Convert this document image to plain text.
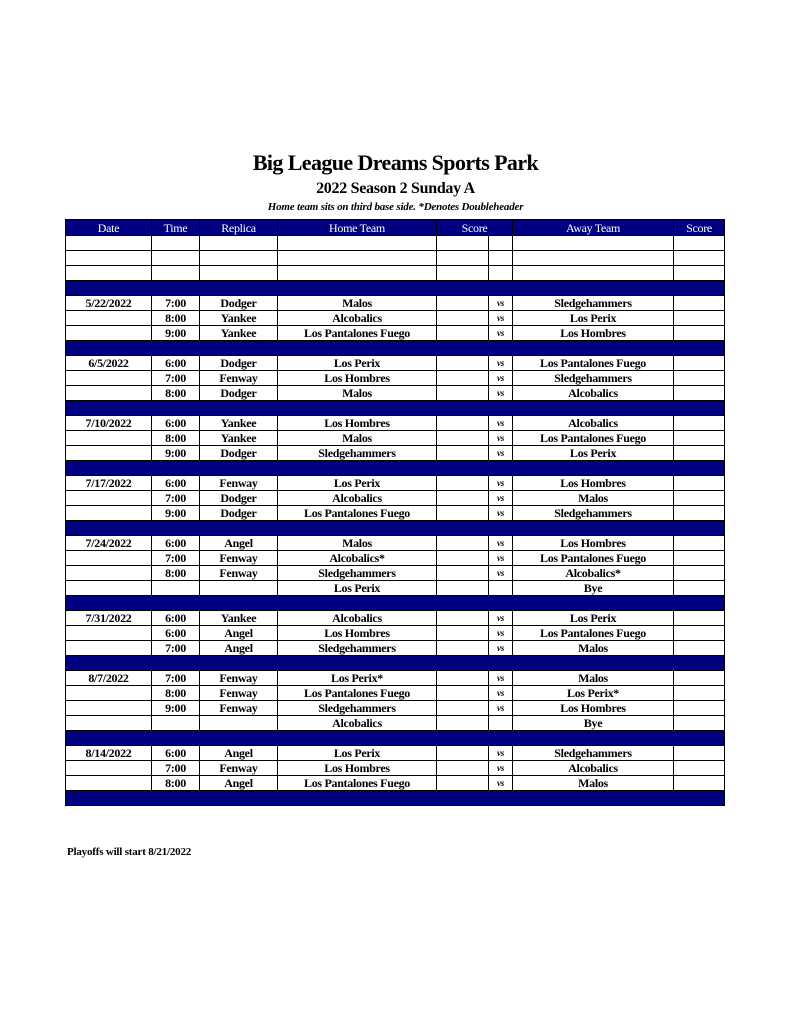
Big League Dreams Sports Park
2022 Season 2 Sunday A
Home team sits on third base side. *Denotes Doubleheader
Date	Time	Replica	Home Team	Score		Away Team	Score

5/22/2022	7:00	Dodger	Malos		vs	Sledgehammers	
	8:00	Yankee	Alcobalics		vs	Los Perix	
	9:00	Yankee	Los Pantalones Fuego		vs	Los Hombres	

6/5/2022	6:00	Dodger	Los Perix		vs	Los Pantalones Fuego	
	7:00	Fenway	Los Hombres		vs	Sledgehammers	
	8:00	Dodger	Malos		vs	Alcobalics	

7/10/2022	6:00	Yankee	Los Hombres		vs	Alcobalics	
	8:00	Yankee	Malos		vs	Los Pantalones Fuego	
	9:00	Dodger	Sledgehammers		vs	Los Perix	

7/17/2022	6:00	Fenway	Los Perix		vs	Los Hombres	
	7:00	Dodger	Alcobalics		vs	Malos	
	9:00	Dodger	Los Pantalones Fuego		vs	Sledgehammers	

7/24/2022	6:00	Angel	Malos		vs	Los Hombres	
	7:00	Fenway	Alcobalics*		vs	Los Pantalones Fuego	
	8:00	Fenway	Sledgehammers		vs	Alcobalics*	
			Los Perix			Bye	

7/31/2022	6:00	Yankee	Alcobalics		vs	Los Perix	
	6:00	Angel	Los Hombres		vs	Los Pantalones Fuego	
	7:00	Angel	Sledgehammers		vs	Malos	

8/7/2022	7:00	Fenway	Los Perix*		vs	Malos	
	8:00	Fenway	Los Pantalones Fuego		vs	Los Perix*	
	9:00	Fenway	Sledgehammers		vs	Los Hombres	
			Alcobalics			Bye	

8/14/2022	6:00	Angel	Los Perix		vs	Sledgehammers	
	7:00	Fenway	Los Hombres		vs	Alcobalics	
	8:00	Angel	Los Pantalones Fuego		vs	Malos	

Playoffs will start 8/21/2022
